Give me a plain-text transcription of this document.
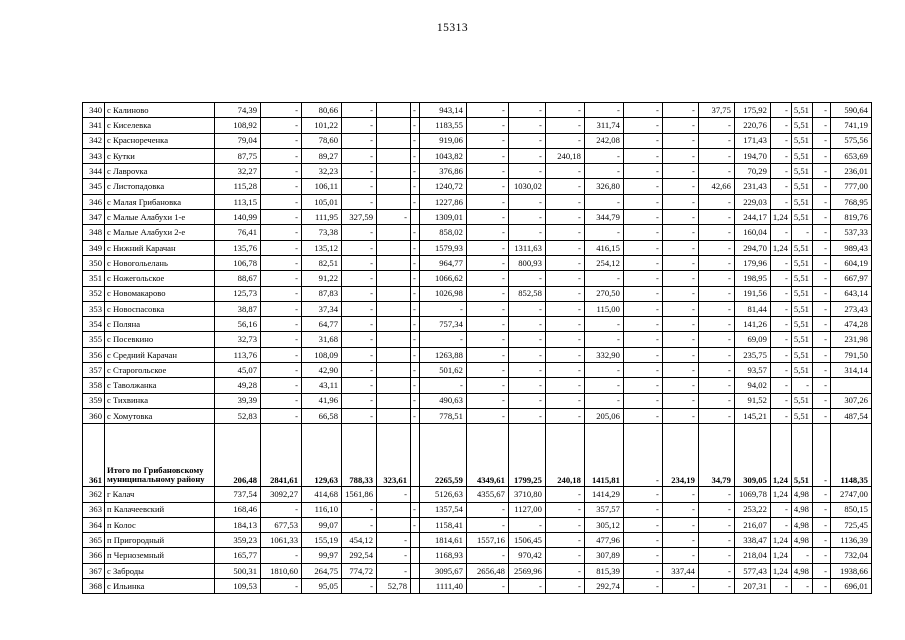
15313
340	с Калиново	74,39	-	80,66	-		-	943,14	-	-	-	-	-	-	37,75	175,92	-	5,51	-	590,64
341	с Киселевка	108,92	-	101,22	-		-	1183,55	-	-	-	311,74	-	-	-	220,76	-	5,51	-	741,19
342	с Краснореченка	79,04	-	78,60	-		-	919,06	-	-	-	242,08	-	-	-	171,43	-	5,51	-	575,56
343	с Кутки	87,75	-	89,27	-		-	1043,82	-	-	240,18	-	-	-	-	194,70	-	5,51	-	653,69
344	с Лаврovка	32,27	-	32,23	-		-	376,86	-	-	-	-	-	-	-	70,29	-	5,51	-	236,01
345	с Листопадовка	115,28	-	106,11	-		-	1240,72	-	1030,02	-	326,80	-	-	42,66	231,43	-	5,51	-	777,00
346	с Малая Грибановка	113,15	-	105,01	-		-	1227,86	-	-	-	-	-	-	-	229,03	-	5,51	-	768,95
347	с Малые Алабухи 1-е	140,99	-	111,95	327,59	-		1309,01	-	-	-	344,79	-	-	-	244,17	1,24	5,51	-	819,76
348	с Малые Алабухи 2-е	76,41	-	73,38	-		-	858,02	-	-	-	-	-	-	-	160,04	-	-	-	537,33
349	с Нижний Карачан	135,76	-	135,12	-		-	1579,93	-	1311,63	-	416,15	-	-	-	294,70	1,24	5,51	-	989,43
350	с Новогольелань	106,78	-	82,51	-		-	964,77	-	800,93	-	254,12	-	-	-	179,96	-	5,51	-	604,19
351	с Ножегольское	88,67	-	91,22	-		-	1066,62	-	-	-	-	-	-	-	198,95	-	5,51	-	667,97
352	с Новомакарово	125,73	-	87,83	-		-	1026,98	-	852,58	-	270,50	-	-	-	191,56	-	5,51	-	643,14
353	с Новоспасовка	38,87	-	37,34	-		-	-	-	-	-	115,00	-	-	-	81,44	-	5,51	-	273,43
354	с Поляна	56,16	-	64,77	-		-	757,34	-	-	-	-	-	-	-	141,26	-	5,51	-	474,28
355	с Посевкино	32,73	-	31,68	-		-	-	-	-	-	-	-	-	-	69,09	-	5,51	-	231,98
356	с Средний Карачан	113,76	-	108,09	-		-	1263,88	-	-	-	332,90	-	-	-	235,75	-	5,51	-	791,50
357	с Старогольское	45,07	-	42,90	-		-	501,62	-	-	-	-	-	-	-	93,57	-	5,51	-	314,14
358	с Таволжанка	49,28	-	43,11	-		-	-	-	-	-	-	-	-	-	94,02	-	-	-	
359	с Тихвинка	39,39	-	41,96	-		-	490,63	-	-	-	-	-	-	-	91,52	-	5,51	-	307,26
360	с Хомутовка	52,83	-	66,58	-		-	778,51	-	-	-	205,06	-	-	-	145,21	-	5,51	-	487,54
361	Итого по Грибановскому муниципальному району	206,48	2841,61	129,63	788,33	323,61		2265,59	4349,61	1799,25	240,18	1415,81	-	234,19	34,79	309,05	1,24	5,51	-	1148,35
362	г Калач	737,54	3092,27	414,68	1561,86	-		5126,63	4355,67	3710,80	-	1414,29	-	-	-	1069,78	1,24	4,98	-	2747,00
363	п Калачеевский	168,46	-	116,10	-		-	1357,54	-	1127,00	-	357,57	-	-	-	253,22	-	4,98	-	850,15
364	п Колос	184,13	677,53	99,07	-		-	1158,41	-	-	-	305,12	-	-	-	216,07	-	4,98	-	725,45
365	п Пригородный	359,23	1061,33	155,19	454,12	-		1814,61	1557,16	1506,45	-	477,96	-	-	-	338,47	1,24	4,98	-	1136,39
366	п Черноземный	165,77	-	99,97	292,54	-		1168,93	-	970,42	-	307,89	-	-	-	218,04	1,24	-	-	732,04
367	с Заброды	500,31	1810,60	264,75	774,72	-		3095,67	2656,48	2569,96	-	815,39	-	337,44	-	577,43	1,24	4,98	-	1938,66
368	с Ильинка	109,53	-	95,05	-	52,78		1111,40	-	-	-	292,74	-	-	-	207,31	-	-	-	696,01
